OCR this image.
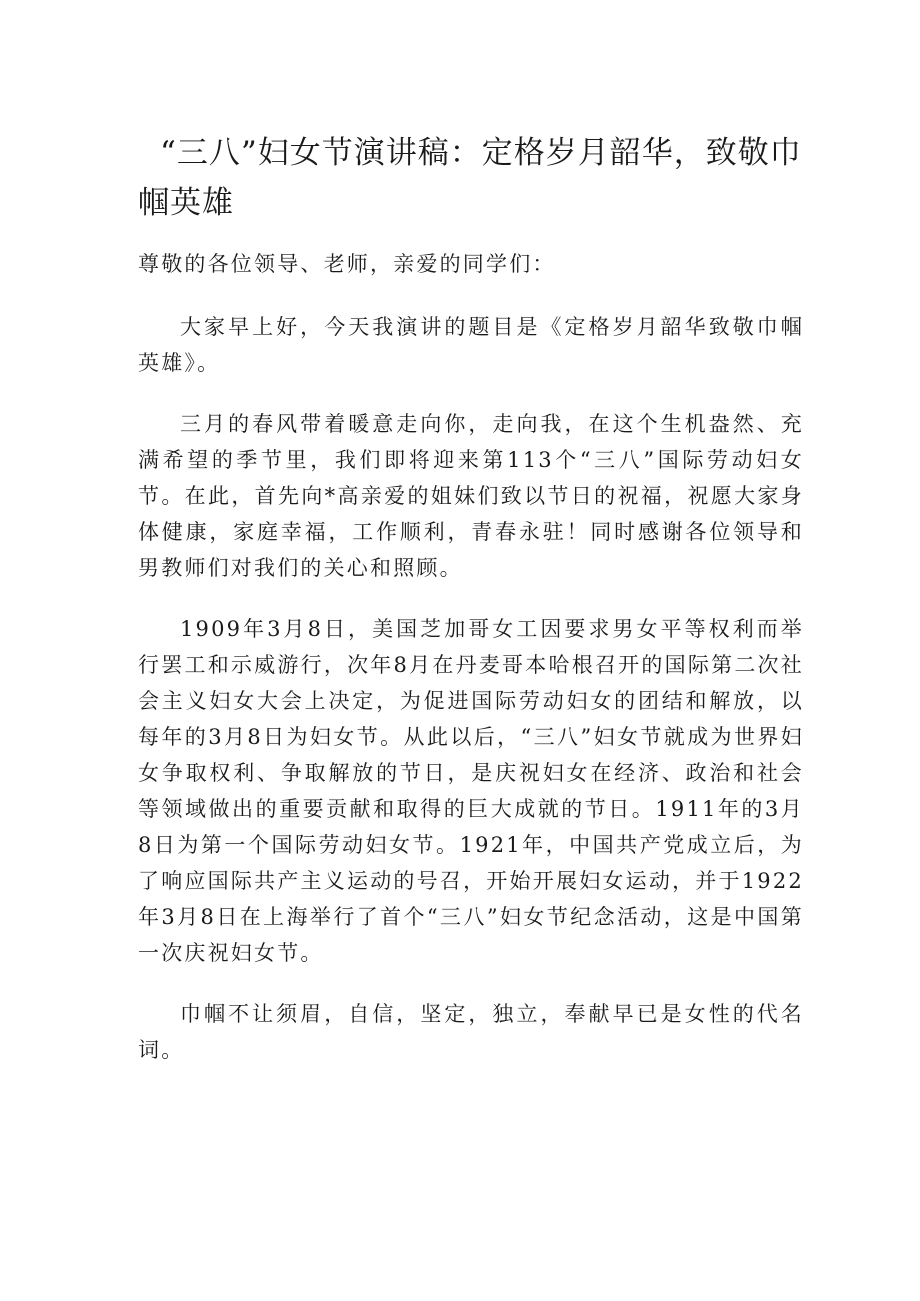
“三八”妇女节演讲稿：定格岁月韶华，致敬巾帼英雄

尊敬的各位领导、老师，亲爱的同学们：

大家早上好，今天我演讲的题目是《定格岁月韶华致敬巾帼英雄》。

三月的春风带着暖意走向你，走向我，在这个生机盎然、充满希望的季节里，我们即将迎来第113个“三八”国际劳动妇女节。在此，首先向*高亲爱的姐妹们致以节日的祝福，祝愿大家身体健康，家庭幸福，工作顺利，青春永驻！同时感谢各位领导和男教师们对我们的关心和照顾。

1909年3月8日，美国芝加哥女工因要求男女平等权利而举行罢工和示威游行，次年8月在丹麦哥本哈根召开的国际第二次社会主义妇女大会上决定，为促进国际劳动妇女的团结和解放，以每年的3月8日为妇女节。从此以后，“三八”妇女节就成为世界妇女争取权利、争取解放的节日，是庆祝妇女在经济、政治和社会等领域做出的重要贡献和取得的巨大成就的节日。1911年的3月8日为第一个国际劳动妇女节。1921年，中国共产党成立后，为了响应国际共产主义运动的号召，开始开展妇女运动，并于1922年3月8日在上海举行了首个“三八”妇女节纪念活动，这是中国第一次庆祝妇女节。

巾帼不让须眉，自信，坚定，独立，奉献早已是女性的代名词。
